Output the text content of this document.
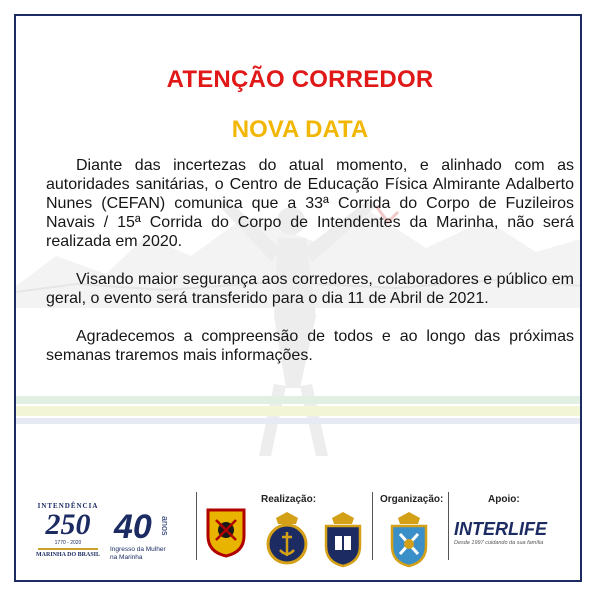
ATENÇÃO CORREDOR
NOVA DATA

Diante das incertezas do atual momento, e alinhado com as autoridades sanitárias, o Centro de Educação Física Almirante Adalberto Nunes (CEFAN) comunica que a 33ª Corrida do Corpo de Fuzileiros Navais / 15ª Corrida do Corpo de Intendentes da Marinha, não será realizada em 2020.

Visando maior segurança aos corredores, colaboradores e público em geral, o evento será transferido para o dia 11 de Abril de 2021.

Agradecemos a compreensão de todos e ao longo das próximas semanas traremos mais informações.

INTENDÊNCIA
250
1770 - 2020
MARINHA DO BRASIL
40 anos
Ingresso da Mulher
na Marinha
Realização:	Organização:	Apoio:
INTERLIFE
Desde 1997 cuidando da sua família
